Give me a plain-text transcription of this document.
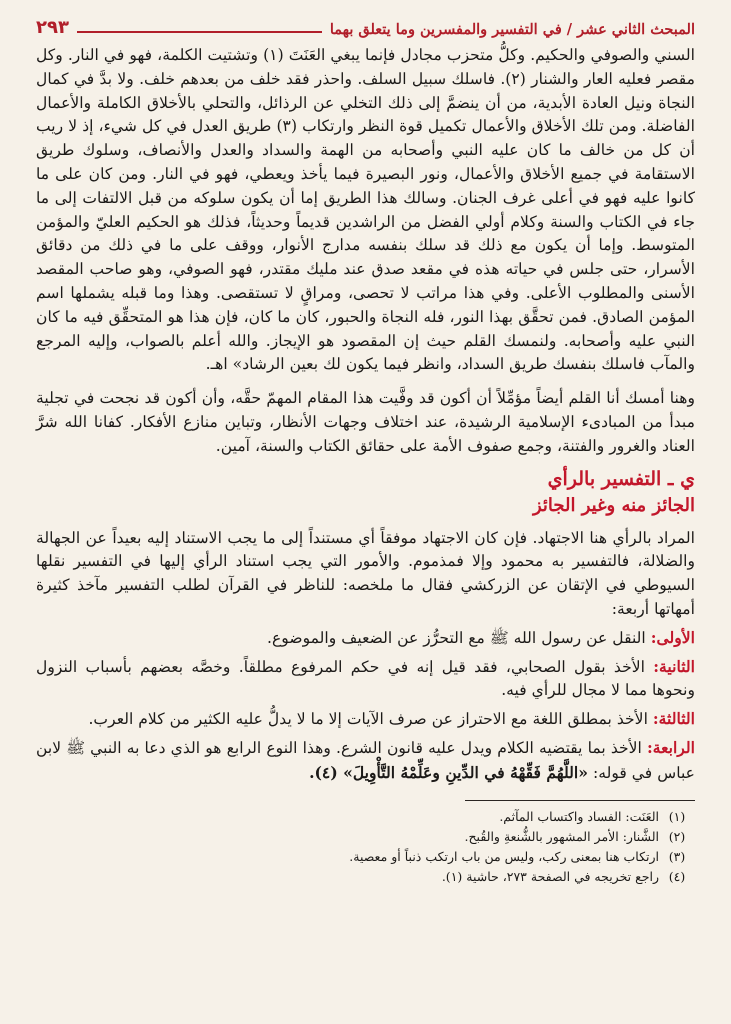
المبحث الثاني عشر / في التفسير والمفسرين وما يتعلق بهما
٢٩٣

السني والصوفي والحكيم. وكلُّ متحزب مجادل فإنما يبغي العَنَتَ (١) وتشتيت الكلمة، فهو في النار. وكل مقصر فعليه العار والشنار (٢). فاسلك سبيل السلف. واحذر فقد خلف من بعدهم خلف. ولا بدَّ في كمال النجاة ونيل العادة الأبدية، من أن ينضمَّ إلى ذلك التخلي عن الرذائل، والتحلي بالأخلاق الكاملة والأعمال الفاضلة. ومن تلك الأخلاق والأعمال تكميل قوة النظر وارتكاب (٣) طريق العدل في كل شيء، إذ لا ريب أن كل من خالف ما كان عليه النبي وأصحابه من الهمة والسداد والعدل والأنصاف، وسلوك طريق الاستقامة في جميع الأخلاق والأعمال، ونور البصيرة فيما يأخذ ويعطي، فهو في النار. ومن كان على ما كانوا عليه فهو في أعلى غرف الجنان. وسالك هذا الطريق إما أن يكون سلوكه من قبل الالتفات إلى ما جاء في الكتاب والسنة وكلام أولي الفضل من الراشدين قديماً وحديثاً، فذلك هو الحكيم العليّ والمؤمن المتوسط. وإما أن يكون مع ذلك قد سلك بنفسه مدارج الأنوار، ووقف على ما في ذلك من دقائق الأسرار، حتى جلس في حياته هذه في مقعد صدق عند مليك مقتدر، فهو الصوفي، وهو صاحب المقصد الأسنى والمطلوب الأعلى. وفي هذا مراتب لا تحصى، ومراقٍ لا تستقصى. وهذا وما قبله يشملها اسم المؤمن الصادق. فمن تحقَّق بهذا النور، فله النجاة والحبور، كان ما كان، فإن هذا هو المتحقِّق فيه ما كان النبي عليه وأصحابه. ولنمسك القلم حيث إن المقصود هو الإيجاز. والله أعلم بالصواب، وإليه المرجع والمآب فاسلك بنفسك طريق السداد، وانظر فيما يكون لك بعين الرشاد» اهـ.

وهنا أمسك أنا القلم أيضاً مؤمِّلاً أن أكون قد وفَّيت هذا المقام المهمّ حقَّه، وأن أكون قد نجحت في تجلية مبدأ من المبادىء الإسلامية الرشيدة، عند اختلاف وجهات الأنظار، وتباين منازع الأفكار. كفانا الله شرَّ العناد والغرور والفتنة، وجمع صفوف الأمة على حقائق الكتاب والسنة، آمين.

ي ـ التفسير بالرأي
الجائز منه وغير الجائز

المراد بالرأي هنا الاجتهاد. فإن كان الاجتهاد موفقاً أي مستنداً إلى ما يجب الاستناد إليه بعيداً عن الجهالة والضلالة، فالتفسير به محمود وإلا فمذموم. والأمور التي يجب استناد الرأي إليها في التفسير نقلها السيوطي في الإتقان عن الزركشي فقال ما ملخصه: للناظر في القرآن لطلب التفسير مآخذ كثيرة أمهاتها أربعة:

الأولى: النقل عن رسول الله ﷺ مع التحرُّز عن الضعيف والموضوع.

الثانية: الأخذ بقول الصحابي، فقد قيل إنه في حكم المرفوع مطلقاً. وخصَّه بعضهم بأسباب النزول ونحوها مما لا مجال للرأي فيه.

الثالثة: الأخذ بمطلق اللغة مع الاحتراز عن صرف الآيات إلا ما لا يدلُّ عليه الكثير من كلام العرب.

الرابعة: الأخذ بما يقتضيه الكلام ويدل عليه قانون الشرع. وهذا النوع الرابع هو الذي دعا به النبي ﷺ لابن عباس في قوله: «اللَّهُمَّ فَقِّهْهُ في الدِّينِ وعَلِّمْهُ التَّأْوِيلَ» (٤).

(١)
العَنَت: الفساد واكتساب المآثم.
(٢)
الشَّنار: الأمر المشهور بالشُّنعةِ والقُبح.
(٣)
ارتكاب هنا بمعنى ركب، وليس من باب ارتكب ذنباً أو معصية.
(٤)
راجع تخريجه في الصفحة ٢٧٣، حاشية (١).
